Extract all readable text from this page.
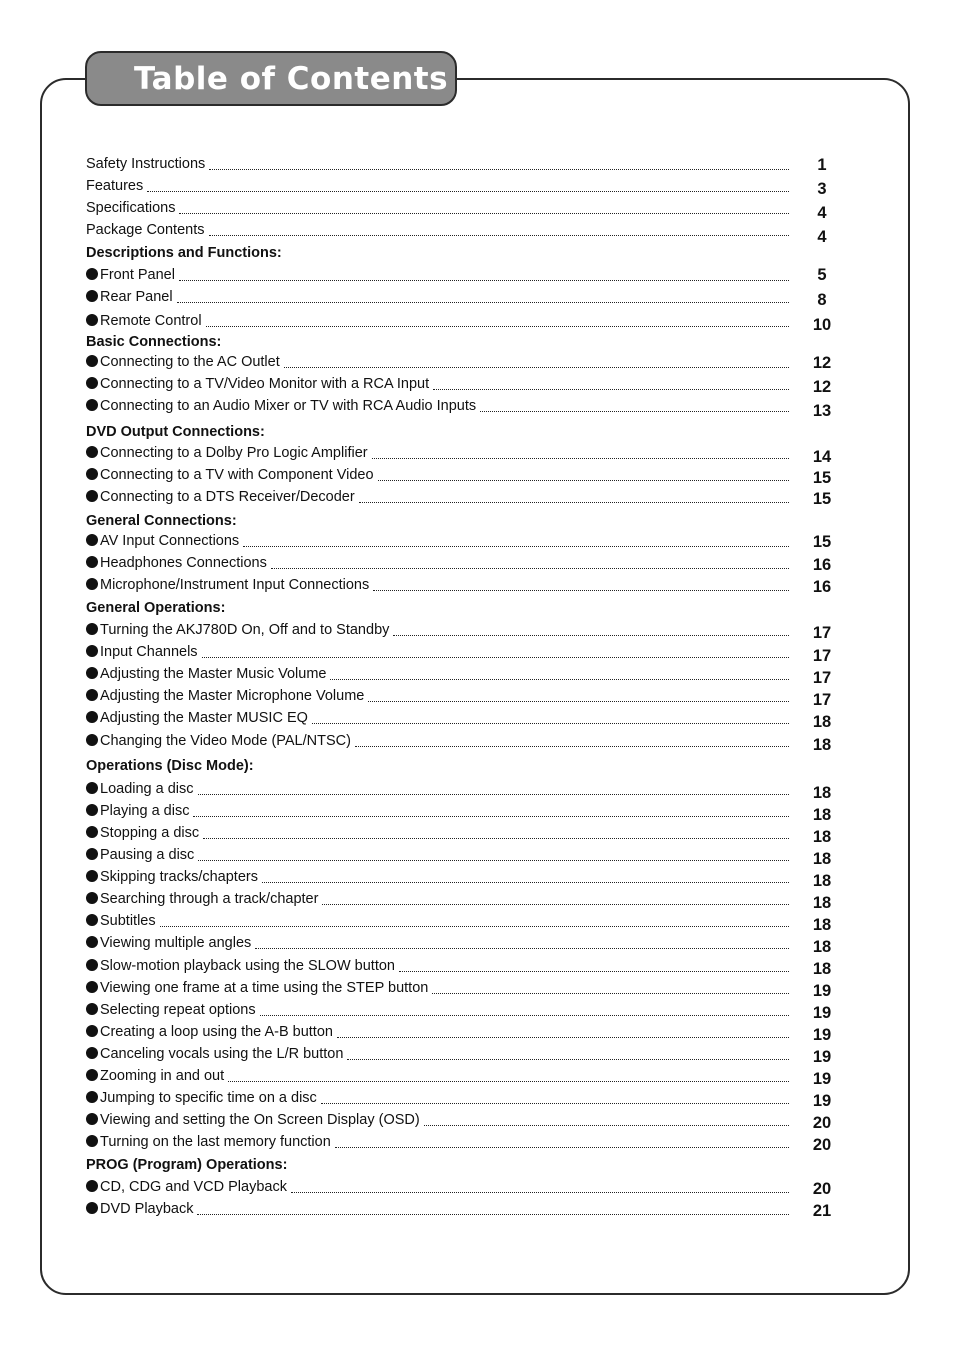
Table of Contents
Safety Instructions	1
Features	3
Specifications	4
Package Contents	4
Descriptions and Functions:
Front Panel	5
Rear Panel	8
Remote Control	10
Basic Connections:
Connecting to the AC Outlet	12
Connecting to a TV/Video Monitor with a RCA Input	12
Connecting to an Audio Mixer or TV with RCA Audio Inputs	13
DVD Output Connections:
Connecting to a Dolby Pro Logic Amplifier	14
Connecting to a TV with Component Video	15
Connecting to a DTS Receiver/Decoder	15
General Connections:
AV Input Connections	15
Headphones Connections	16
Microphone/Instrument Input Connections	16
General Operations:
Turning the AKJ780D On, Off and to Standby	17
Input Channels	17
Adjusting the Master Music Volume	17
Adjusting the Master Microphone Volume	17
Adjusting the Master MUSIC EQ	18
Changing the Video Mode (PAL/NTSC)	18
Operations (Disc Mode):
Loading a disc	18
Playing a disc	18
Stopping a disc	18
Pausing a disc	18
Skipping tracks/chapters	18
Searching through a track/chapter	18
Subtitles	18
Viewing multiple angles	18
Slow-motion playback using the SLOW button	18
Viewing one frame at a time using the STEP button	19
Selecting repeat options	19
Creating a loop using the A-B button	19
Canceling vocals using the L/R button	19
Zooming in and out	19
Jumping to specific time on a disc	19
Viewing and setting the On Screen Display (OSD)	20
Turning on the last memory function	20
PROG (Program) Operations:
CD, CDG and VCD Playback	20
DVD Playback	21
